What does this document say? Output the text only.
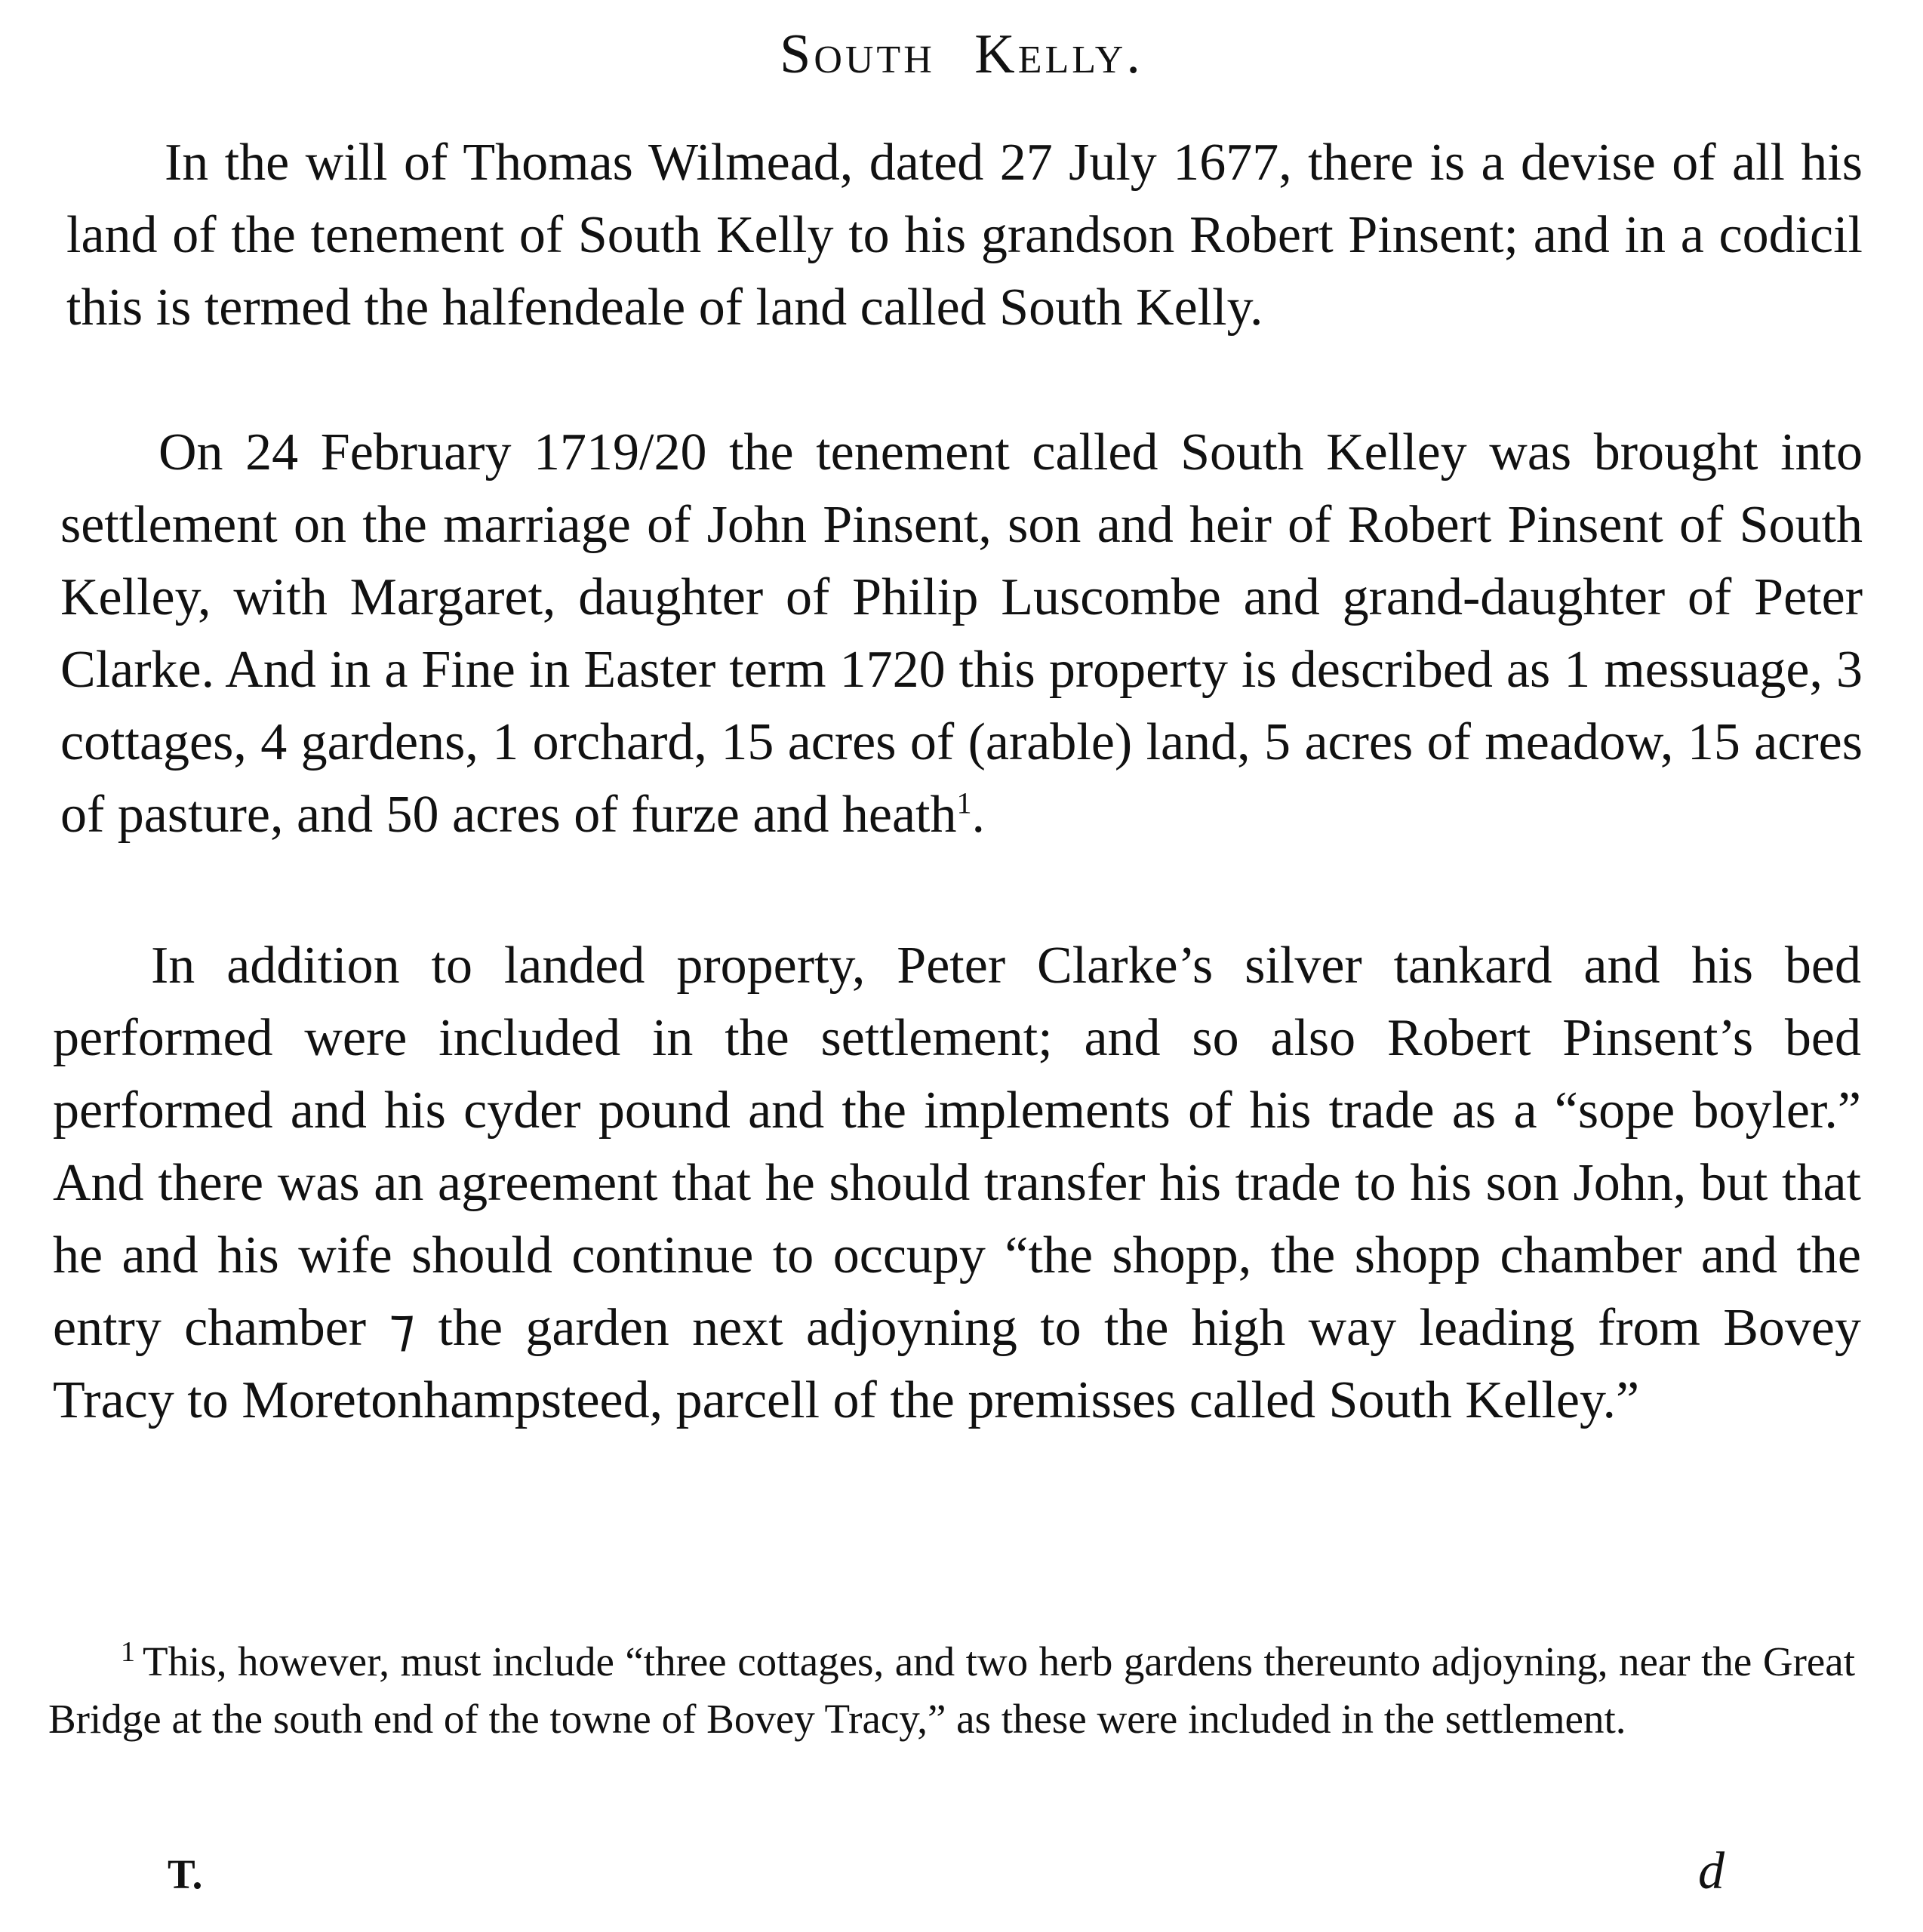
South Kelly.

In the will of Thomas Wilmead, dated 27 July 1677, there is a devise of all his land of the tenement of South Kelly to his grandson Robert Pinsent; and in a codicil this is termed the halfendeale of land called South Kelly.

On 24 February 1719/20 the tenement called South Kelley was brought into settlement on the marriage of John Pinsent, son and heir of Robert Pinsent of South Kelley, with Margaret, daughter of Philip Luscombe and grand-daughter of Peter Clarke. And in a Fine in Easter term 1720 this property is described as 1 messuage, 3 cottages, 4 gardens, 1 orchard, 15 acres of (arable) land, 5 acres of meadow, 15 acres of pasture, and 50 acres of furze and heath$^1$.

In addition to landed property, Peter Clarke’s silver tankard and his bed performed were included in the settlement; and so also Robert Pinsent’s bed performed and his cyder pound and the implements of his trade as a “sope boyler.” And there was an agreement that he should transfer his trade to his son John, but that he and his wife should continue to occupy “the shopp, the shopp chamber and the entry chamber ⁊ the garden next adjoyning to the high way leading from Bovey Tracy to Moretonhampsteed, parcell of the premisses called South Kelley.”

$^1$ This, however, must include “three cottages, and two herb gardens thereunto adjoyning, near the Great Bridge at the south end of the towne of Bovey Tracy,” as these were included in the settlement.

T.	d
